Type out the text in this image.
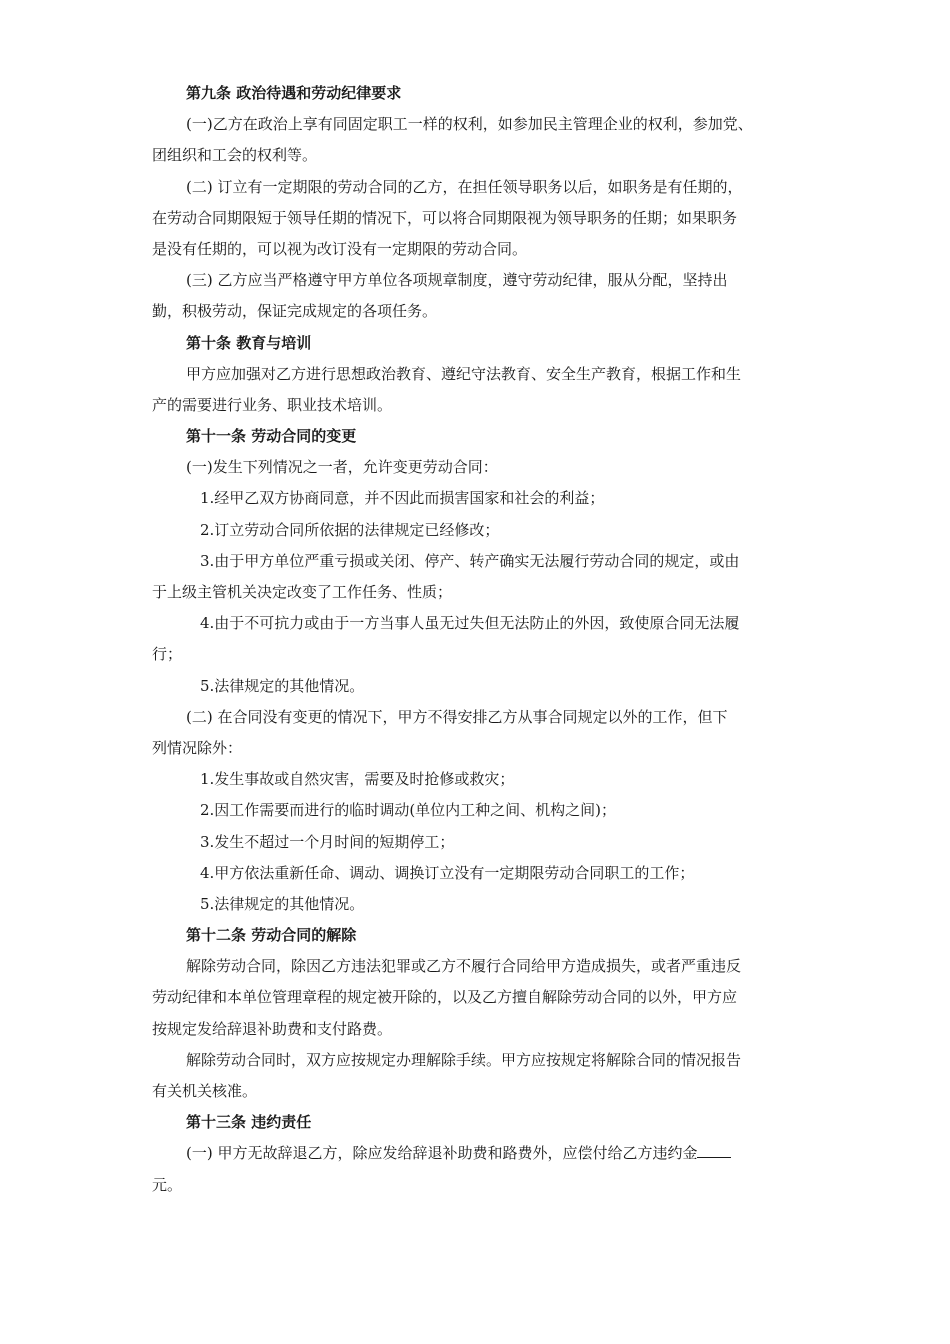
第九条 政治待遇和劳动纪律要求
(一)乙方在政治上享有同固定职工一样的权利，如参加民主管理企业的权利，参加党、
团组织和工会的权利等。
(二) 订立有一定期限的劳动合同的乙方，在担任领导职务以后，如职务是有任期的，
在劳动合同期限短于领导任期的情况下，可以将合同期限视为领导职务的任期；如果职务
是没有任期的，可以视为改订没有一定期限的劳动合同。
(三) 乙方应当严格遵守甲方单位各项规章制度，遵守劳动纪律，服从分配，坚持出
勤，积极劳动，保证完成规定的各项任务。
第十条 教育与培训
甲方应加强对乙方进行思想政治教育、遵纪守法教育、安全生产教育，根据工作和生
产的需要进行业务、职业技术培训。
第十一条 劳动合同的变更
(一)发生下列情况之一者，允许变更劳动合同：
1.经甲乙双方协商同意，并不因此而损害国家和社会的利益；
2.订立劳动合同所依据的法律规定已经修改；
3.由于甲方单位严重亏损或关闭、停产、转产确实无法履行劳动合同的规定，或由
于上级主管机关决定改变了工作任务、性质；
4.由于不可抗力或由于一方当事人虽无过失但无法防止的外因，致使原合同无法履
行；
5.法律规定的其他情况。
(二) 在合同没有变更的情况下，甲方不得安排乙方从事合同规定以外的工作，但下
列情况除外：
1.发生事故或自然灾害，需要及时抢修或救灾；
2.因工作需要而进行的临时调动(单位内工种之间、机构之间)；
3.发生不超过一个月时间的短期停工；
4.甲方依法重新任命、调动、调换订立没有一定期限劳动合同职工的工作；
5.法律规定的其他情况。
第十二条 劳动合同的解除
解除劳动合同，除因乙方违法犯罪或乙方不履行合同给甲方造成损失，或者严重违反
劳动纪律和本单位管理章程的规定被开除的，以及乙方擅自解除劳动合同的以外，甲方应
按规定发给辞退补助费和支付路费。
解除劳动合同时，双方应按规定办理解除手续。甲方应按规定将解除合同的情况报告
有关机关核准。
第十三条 违约责任
(一) 甲方无故辞退乙方，除应发给辞退补助费和路费外，应偿付给乙方违约金
元。
